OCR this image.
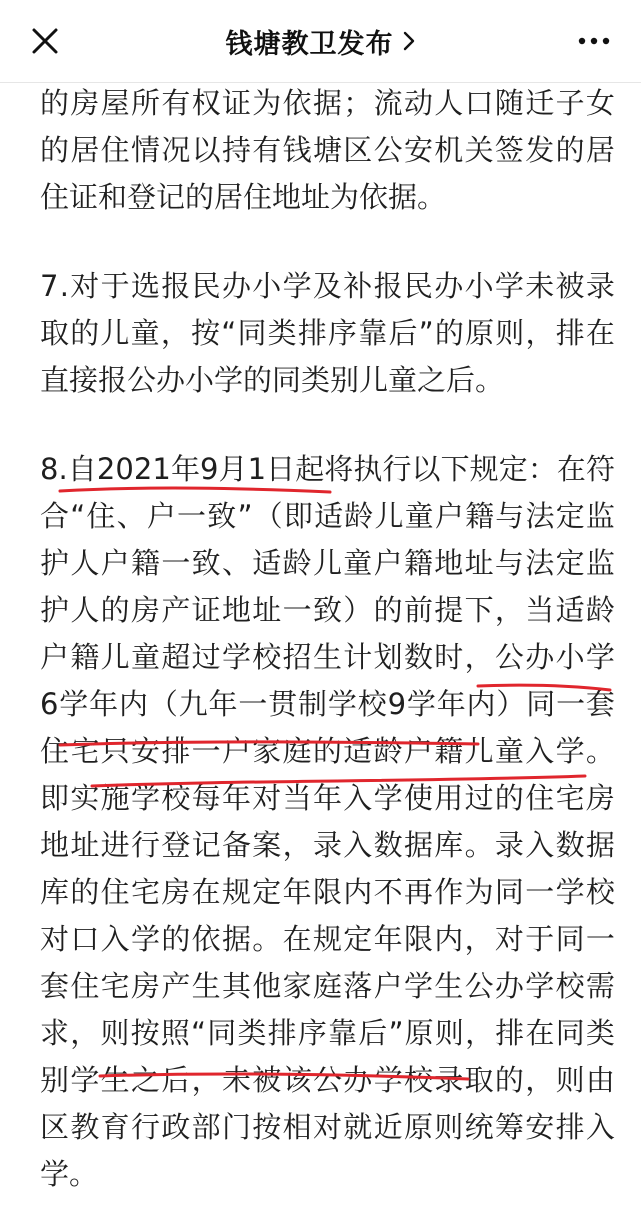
钱塘教卫发布
的 房 屋 所 有 权 证 为 依 据 ； 流 动 人 口 随 迁 子 女
的 居 住 情 况 以 持 有 钱 塘 区 公 安 机 关 签 发 的 居
住证和登记的居住地址为依据。
7 . 对 于 选 报 民 办 小 学 及 补 报 民 办 小 学 未 被 录
取 的 儿 童 ， 按 “ 同 类 排 序 靠 后 ” 的 原 则 ， 排 在
直接报公办小学的同类别儿童之后。
8 . 自 2 0 2 1 年 9 月 1 日 起 将 执 行 以 下 规 定 ： 在 符
合 “ 住 、 户 一 致 ” （ 即 适 龄 儿 童 户 籍 与 法 定 监
护 人 户 籍 一 致 、 适 龄 儿 童 户 籍 地 址 与 法 定 监
护 人 的 房 产 证 地 址 一 致 ） 的 前 提 下 ， 当 适 龄
户 籍 儿 童 超 过 学 校 招 生 计 划 数 时 ， 公 办 小 学
6 学 年 内 （ 九 年 一 贯 制 学 校 9 学 年 内 ） 同 一 套
住 宅 只 安 排 一 户 家 庭 的 适 龄 户 籍 儿 童 入 学 。
即 实 施 学 校 每 年 对 当 年 入 学 使 用 过 的 住 宅 房
地 址 进 行 登 记 备 案 ， 录 入 数 据 库 。 录 入 数 据
库 的 住 宅 房 在 规 定 年 限 内 不 再 作 为 同 一 学 校
对 口 入 学 的 依 据 。 在 规 定 年 限 内 ， 对 于 同 一
套 住 宅 房 产 生 其 他 家 庭 落 户 学 生 公 办 学 校 需
求 ， 则 按 照 “ 同 类 排 序 靠 后 ” 原 则 ， 排 在 同 类
别 学 生 之 后 ， 未 被 该 公 办 学 校 录 取 的 ， 则 由
区 教 育 行 政 部 门 按 相 对 就 近 原 则 统 筹 安 排 入
学。
